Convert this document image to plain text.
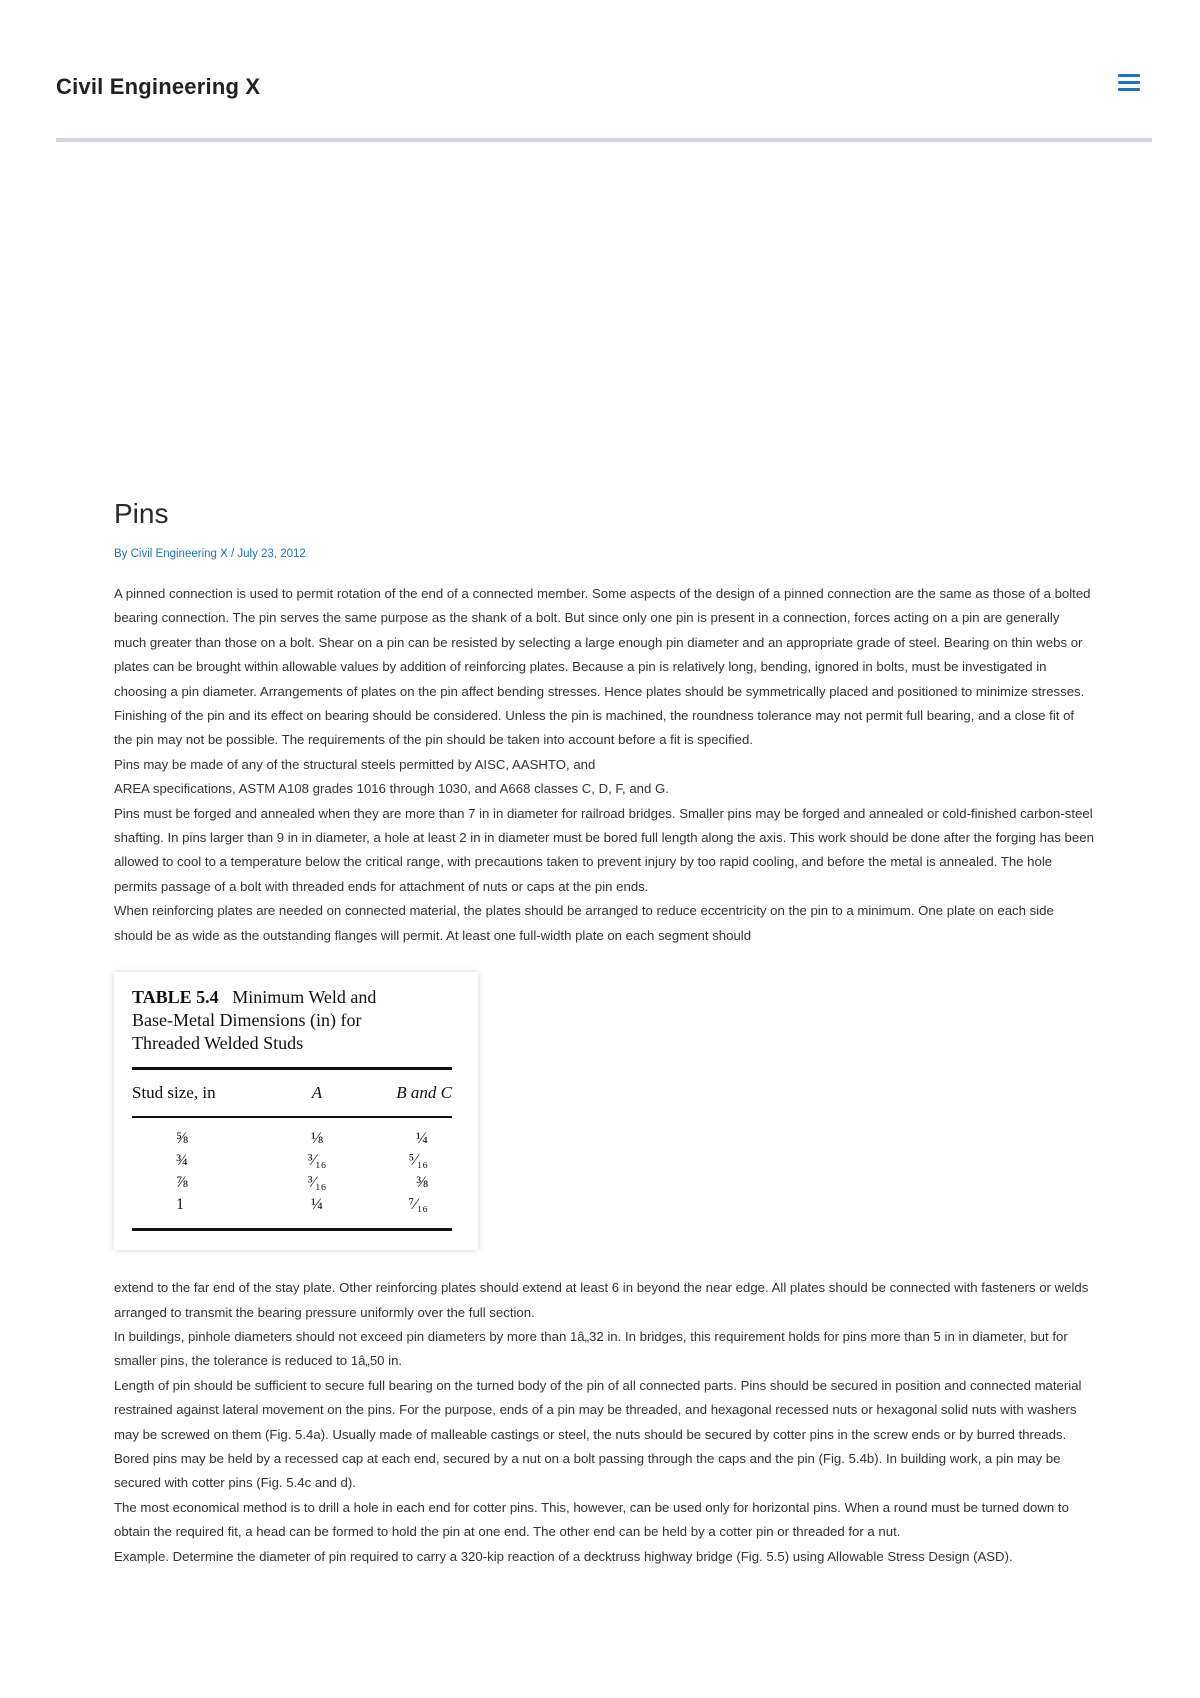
Civil Engineering X
Pins
By Civil Engineering X / July 23, 2012

A pinned connection is used to permit rotation of the end of a connected member. Some aspects of the design of a pinned connection are the same as those of a bolted bearing connection. The pin serves the same purpose as the shank of a bolt. But since only one pin is present in a connection, forces acting on a pin are generally much greater than those on a bolt. Shear on a pin can be resisted by selecting a large enough pin diameter and an appropriate grade of steel. Bearing on thin webs or plates can be brought within allowable values by addition of reinforcing plates. Because a pin is relatively long, bending, ignored in bolts, must be investigated in choosing a pin diameter. Arrangements of plates on the pin affect bending stresses. Hence plates should be symmetrically placed and positioned to minimize stresses.

Finishing of the pin and its effect on bearing should be considered. Unless the pin is machined, the roundness tolerance may not permit full bearing, and a close fit of the pin may not be possible. The requirements of the pin should be taken into account before a fit is specified.

Pins may be made of any of the structural steels permitted by AISC, AASHTO, and

AREA specifications, ASTM A108 grades 1016 through 1030, and A668 classes C, D, F, and G.

Pins must be forged and annealed when they are more than 7 in in diameter for railroad bridges. Smaller pins may be forged and annealed or cold-finished carbon-steel shafting. In pins larger than 9 in in diameter, a hole at least 2 in in diameter must be bored full length along the axis. This work should be done after the forging has been allowed to cool to a temperature below the critical range, with precautions taken to prevent injury by too rapid cooling, and before the metal is annealed. The hole permits passage of a bolt with threaded ends for attachment of nuts or caps at the pin ends.

When reinforcing plates are needed on connected material, the plates should be arranged to reduce eccentricity on the pin to a minimum. One plate on each side should be as wide as the outstanding flanges will permit. At least one full-width plate on each segment should

TABLE 5.4 Minimum Weld and
Base-Metal Dimensions (in) for
Threaded Welded Studs
Stud size, in	A	B and C
⅝	⅛	¼
¾	³⁄₁₆	⁵⁄₁₆
⅞	³⁄₁₆	⅜
1	¼	⁷⁄₁₆

extend to the far end of the stay plate. Other reinforcing plates should extend at least 6 in beyond the near edge. All plates should be connected with fasteners or welds arranged to transmit the bearing pressure uniformly over the full section.

In buildings, pinhole diameters should not exceed pin diameters by more than 1â„32 in. In bridges, this requirement holds for pins more than 5 in in diameter, but for smaller pins, the tolerance is reduced to 1â„50 in.

Length of pin should be sufficient to secure full bearing on the turned body of the pin of all connected parts. Pins should be secured in position and connected material restrained against lateral movement on the pins. For the purpose, ends of a pin may be threaded, and hexagonal recessed nuts or hexagonal solid nuts with washers may be screwed on them (Fig. 5.4a). Usually made of malleable castings or steel, the nuts should be secured by cotter pins in the screw ends or by burred threads. Bored pins may be held by a recessed cap at each end, secured by a nut on a bolt passing through the caps and the pin (Fig. 5.4b). In building work, a pin may be secured with cotter pins (Fig. 5.4c and d).

The most economical method is to drill a hole in each end for cotter pins. This, however, can be used only for horizontal pins. When a round must be turned down to obtain the required fit, a head can be formed to hold the pin at one end. The other end can be held by a cotter pin or threaded for a nut.

Example. Determine the diameter of pin required to carry a 320-kip reaction of a decktruss highway bridge (Fig. 5.5) using Allowable Stress Design (ASD).
